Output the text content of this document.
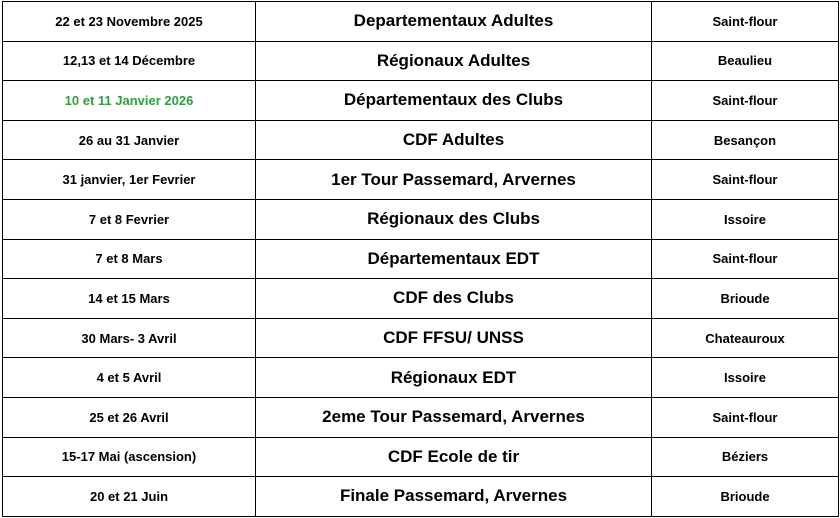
22 et 23 Novembre 2025	Departementaux Adultes	Saint-flour
12,13 et 14 Décembre	Régionaux Adultes	Beaulieu
10 et 11 Janvier 2026	Départementaux des Clubs	Saint-flour
26 au 31 Janvier	CDF Adultes	Besançon
31 janvier, 1er Fevrier	1er Tour Passemard, Arvernes	Saint-flour
7 et 8 Fevrier	Régionaux des Clubs	Issoire
7 et 8 Mars	Départementaux EDT	Saint-flour
14 et 15 Mars	CDF des Clubs	Brioude
30 Mars- 3 Avril	CDF FFSU/ UNSS	Chateauroux
4 et 5 Avril	Régionaux EDT	Issoire
25 et 26 Avril	2eme Tour Passemard, Arvernes	Saint-flour
15-17 Mai (ascension)	CDF Ecole de tir	Béziers
20 et 21 Juin	Finale Passemard, Arvernes	Brioude
